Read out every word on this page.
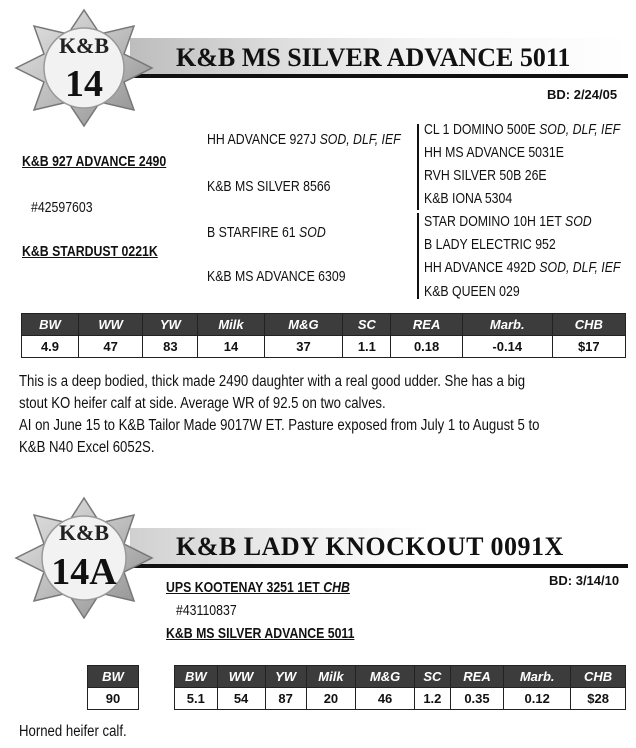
K&B MS SILVER ADVANCE 5011
K&B
14	BD: 2/24/05
K&B 927 ADVANCE 2490
#42597603
K&B STARDUST 0221K
HH ADVANCE 927J SOD, DLF, IEF
K&B MS SILVER 8566
B STARFIRE 61 SOD
K&B MS ADVANCE 6309
CL 1 DOMINO 500E SOD, DLF, IEF
HH MS ADVANCE 5031E
RVH SILVER 50B 26E
K&B IONA 5304
STAR DOMINO 10H 1ET SOD
B LADY ELECTRIC 952
HH ADVANCE 492D SOD, DLF, IEF
K&B QUEEN 029
BW	WW	YW	Milk	M&G	SC	REA	Marb.	CHB
4.9	47	83	14	37	1.1	0.18	-0.14	$17
This is a deep bodied, thick made 2490 daughter with a real good udder. She has a big
stout KO heifer calf at side. Average WR of 92.5 on two calves.
AI on June 15 to K&B Tailor Made 9017W ET. Pasture exposed from July 1 to August 5 to
K&B N40 Excel 6052S.
K&B LADY KNOCKOUT 0091X
K&B
14A	BD: 3/14/10
UPS KOOTENAY 3251 1ET CHB
#43110837
K&B MS SILVER ADVANCE 5011
BW
90
BW	WW	YW	Milk	M&G	SC	REA	Marb.	CHB
5.1	54	87	20	46	1.2	0.35	0.12	$28
Horned heifer calf.
